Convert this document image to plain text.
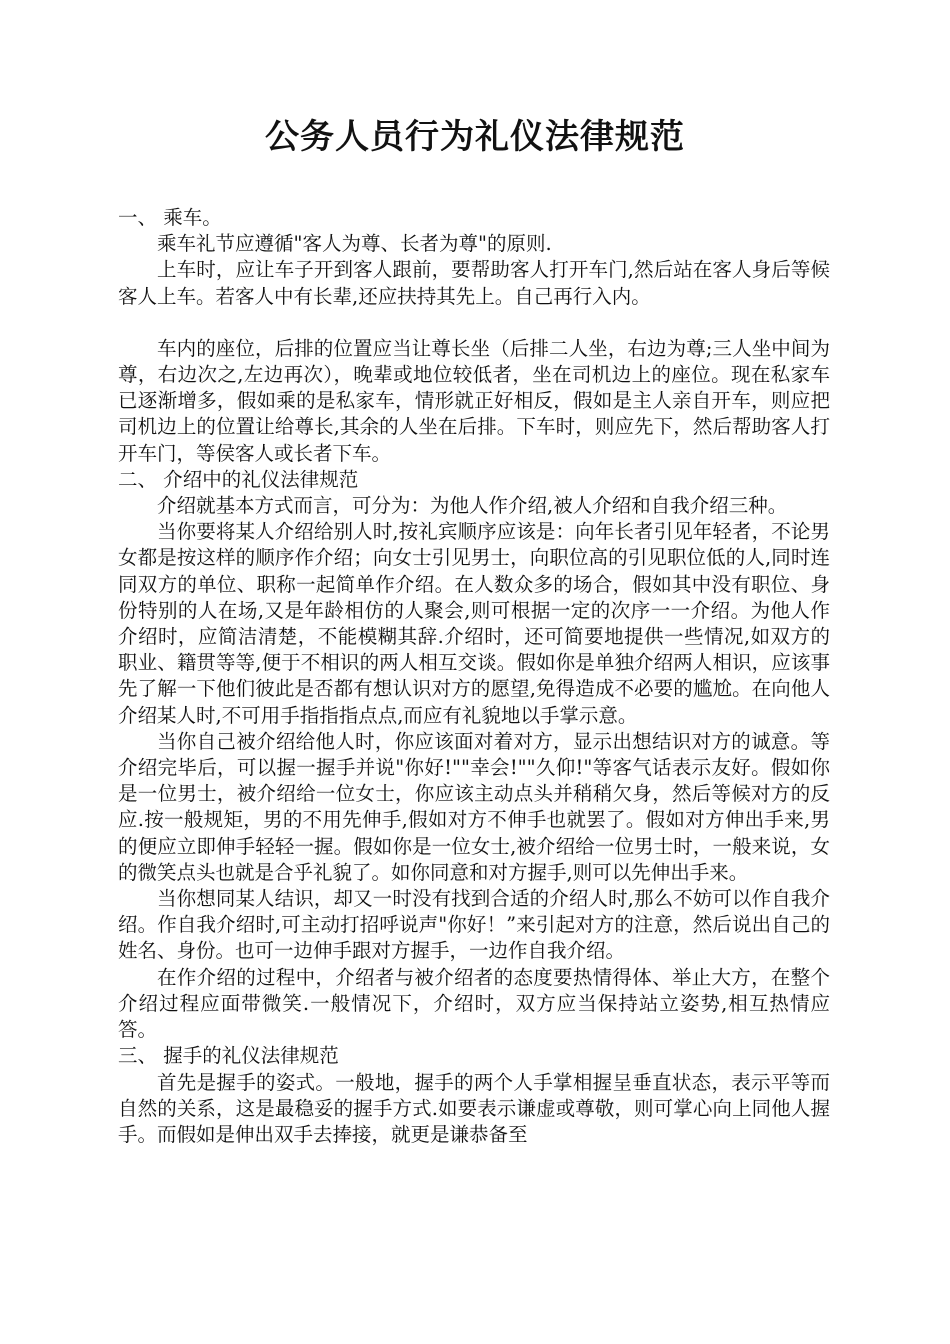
公务人员行为礼仪法律规范

一、 乘车。

乘车礼节应遵循"客人为尊、长者为尊"的原则.

上车时，应让车子开到客人跟前，要帮助客人打开车门,然后站在客人身后等候客人上车。若客人中有长辈,还应扶持其先上。自己再行入内。

车内的座位，后排的位置应当让尊长坐（后排二人坐，右边为尊;三人坐中间为尊，右边次之,左边再次），晚辈或地位较低者，坐在司机边上的座位。现在私家车已逐渐增多，假如乘的是私家车，情形就正好相反，假如是主人亲自开车，则应把司机边上的位置让给尊长,其余的人坐在后排。下车时，则应先下，然后帮助客人打开车门，等侯客人或长者下车。

二、 介绍中的礼仪法律规范

介绍就基本方式而言，可分为：为他人作介绍,被人介绍和自我介绍三种。

当你要将某人介绍给别人时,按礼宾顺序应该是：向年长者引见年轻者，不论男女都是按这样的顺序作介绍；向女士引见男士，向职位高的引见职位低的人,同时连同双方的单位、职称一起简单作介绍。在人数众多的场合，假如其中没有职位、身份特别的人在场,又是年龄相仿的人聚会,则可根据一定的次序一一介绍。为他人作介绍时，应简洁清楚，不能模糊其辞.介绍时，还可简要地提供一些情况,如双方的职业、籍贯等等,便于不相识的两人相互交谈。假如你是单独介绍两人相识，应该事先了解一下他们彼此是否都有想认识对方的愿望,免得造成不必要的尴尬。在向他人介绍某人时,不可用手指指指点点,而应有礼貌地以手掌示意。

当你自己被介绍给他人时，你应该面对着对方，显示出想结识对方的诚意。等介绍完毕后，可以握一握手并说"你好!""幸会!""久仰!"等客气话表示友好。假如你是一位男士，被介绍给一位女士，你应该主动点头并稍稍欠身，然后等候对方的反应.按一般规矩，男的不用先伸手,假如对方不伸手也就罢了。假如对方伸出手来,男的便应立即伸手轻轻一握。假如你是一位女士,被介绍给一位男士时，一般来说，女的微笑点头也就是合乎礼貌了。如你同意和对方握手,则可以先伸出手来。

当你想同某人结识，却又一时没有找到合适的介绍人时,那么不妨可以作自我介绍。作自我介绍时,可主动打招呼说声"你好！”来引起对方的注意，然后说出自己的姓名、身份。也可一边伸手跟对方握手，一边作自我介绍。

在作介绍的过程中，介绍者与被介绍者的态度要热情得体、举止大方，在整个介绍过程应面带微笑.一般情况下，介绍时，双方应当保持站立姿势,相互热情应答。

三、 握手的礼仪法律规范

首先是握手的姿式。一般地，握手的两个人手掌相握呈垂直状态，表示平等而自然的关系，这是最稳妥的握手方式.如要表示谦虚或尊敬，则可掌心向上同他人握手。而假如是伸出双手去捧接，就更是谦恭备至
